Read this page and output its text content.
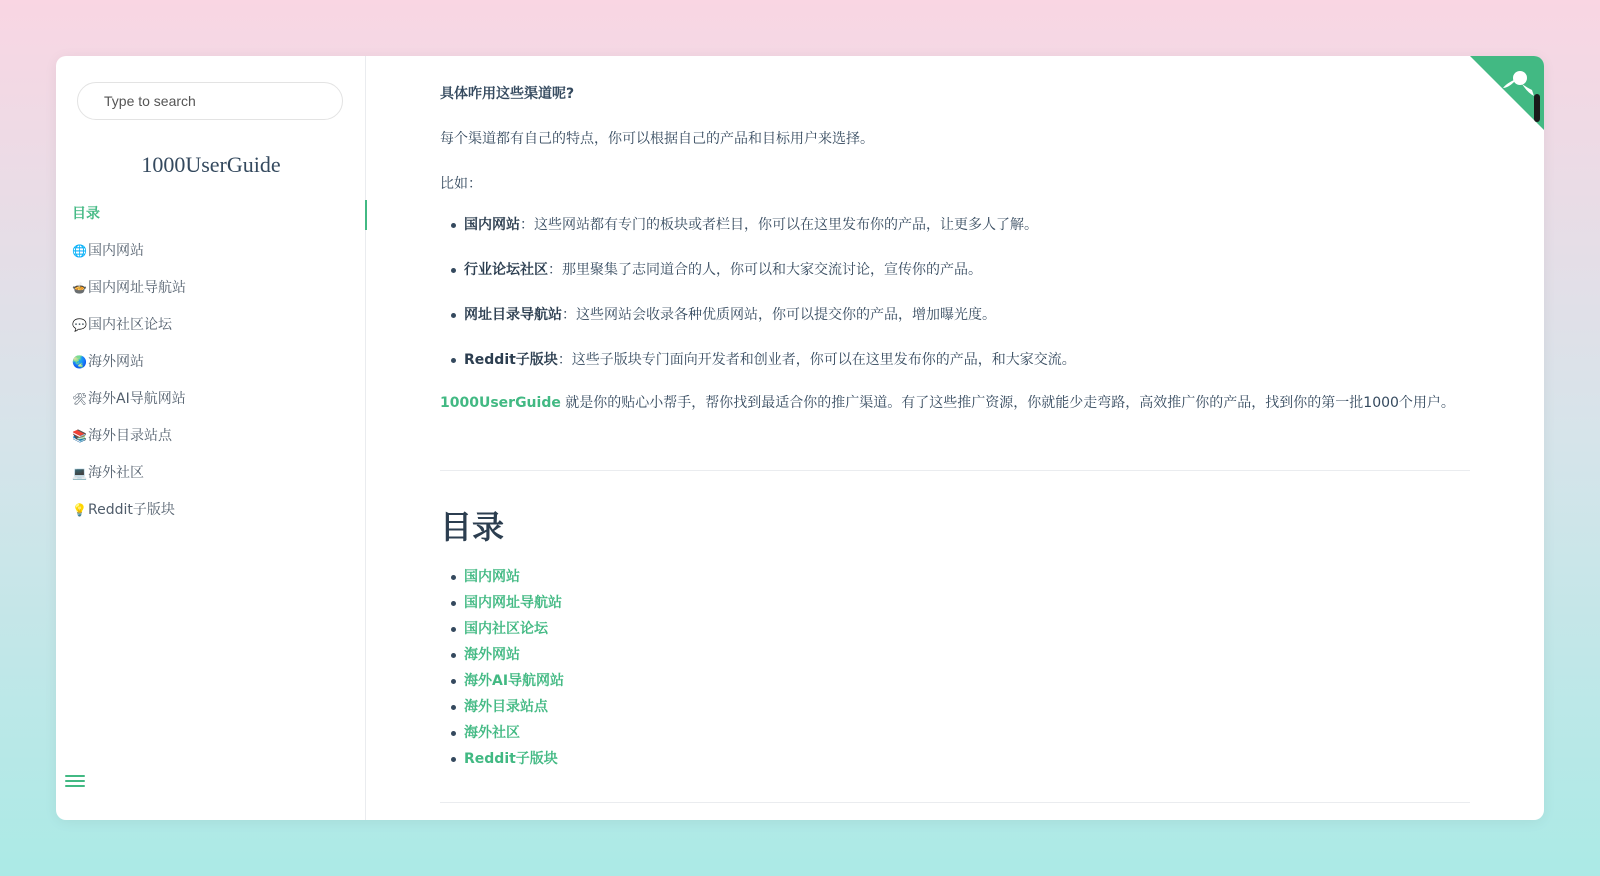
Type to search
1000UserGuide
目录
🌐国内网站
🍲国内网址导航站
💬国内社区论坛
🌏海外网站
🛠海外AI导航网站
📚海外目录站点
💻海外社区
💡Reddit子版块

具体咋用这些渠道呢?

每个渠道都有自己的特点，你可以根据自己的产品和目标用户来选择。

比如：

国内网站：这些网站都有专门的板块或者栏目，你可以在这里发布你的产品，让更多人了解。
行业论坛社区：那里聚集了志同道合的人，你可以和大家交流讨论，宣传你的产品。
网址目录导航站：这些网站会收录各种优质网站，你可以提交你的产品，增加曝光度。
Reddit子版块：这些子版块专门面向开发者和创业者，你可以在这里发布你的产品，和大家交流。

1000UserGuide 就是你的贴心小帮手，帮你找到最适合你的推广渠道。有了这些推广资源，你就能少走弯路，高效推广你的产品，找到你的第一批1000个用户。

目录
国内网站
国内网址导航站
国内社区论坛
海外网站
海外AI导航网站
海外目录站点
海外社区
Reddit子版块
